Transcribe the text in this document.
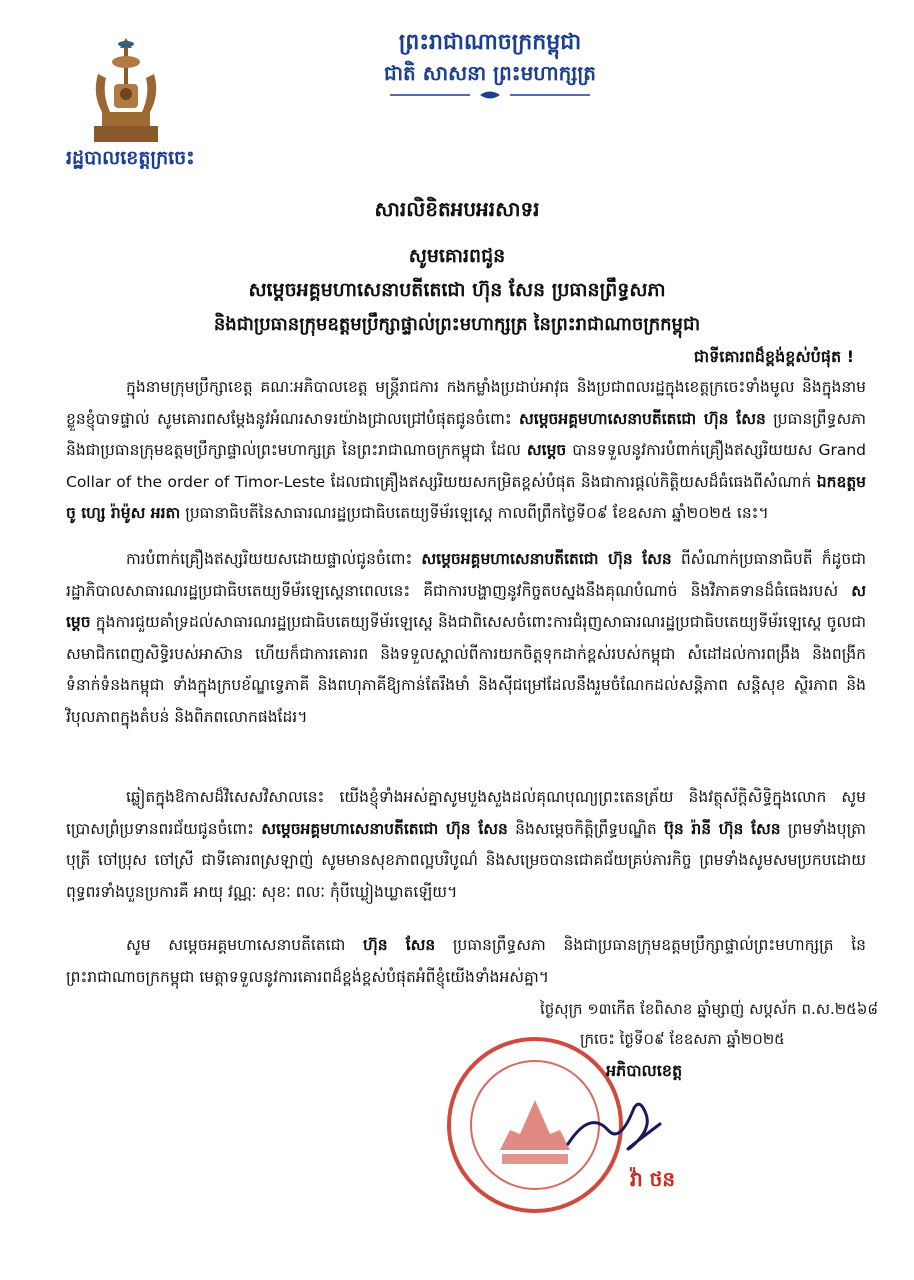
ព្រះរាជាណាចក្រកម្ពុជា
ជាតិ សាសនា ព្រះមហាក្សត្រ
រដ្ឋបាលខេត្តក្រចេះ
សារលិខិតអបអរសាទរ
សូមគោរពជូន
សម្តេចអគ្គមហាសេនាបតីតេជោ ហ៊ុន សែន ប្រធានព្រឹទ្ធសភា
និងជាប្រធានក្រុមឧត្តមប្រឹក្សាផ្ទាល់ព្រះមហាក្សត្រ នៃព្រះរាជាណាចក្រកម្ពុជា
ជាទីគោរពដ៏ខ្ពង់ខ្ពស់បំផុត !

ក្នុងនាមក្រុមប្រឹក្សាខេត្ត គណៈអភិបាលខេត្ត មន្ត្រីរាជការ កងកម្លាំងប្រដាប់អាវុធ និងប្រជាពលរដ្ឋក្នុងខេត្តក្រចេះទាំងមូល និងក្នុងនាមខ្លួនខ្ញុំបាទផ្ទាល់ សូមគោរពសម្តែងនូវអំណរសាទរយ៉ាងជ្រាលជ្រៅបំផុតជូនចំពោះ សម្តេចអគ្គមហាសេនាបតីតេជោ ហ៊ុន សែន ប្រធានព្រឹទ្ធសភា និងជាប្រធានក្រុមឧត្តមប្រឹក្សាផ្ទាល់ព្រះមហាក្សត្រ នៃព្រះរាជាណាចក្រកម្ពុជា ដែល សម្តេច បានទទួលនូវការបំពាក់គ្រឿងឥស្សរិយយស Grand Collar of the order of Timor-Leste ដែលជាគ្រឿងឥស្សរិយយសកម្រិតខ្ពស់បំផុត និងជាការផ្តល់កិត្តិយសដ៏ធំធេងពីសំណាក់ ឯកឧត្តម ចូ ហ្សេ រ៉ាម៉ូស អរតា ប្រធានាធិបតីនៃសាធារណរដ្ឋប្រជាធិបតេយ្យទីម័រឡេស្តេ កាលពីព្រឹកថ្ងៃទី០៩ ខែឧសភា ឆ្នាំ២០២៥ នេះ។

ការបំពាក់គ្រឿងឥស្សរិយយសដោយផ្ទាល់ជូនចំពោះ សម្តេចអគ្គមហាសេនាបតីតេជោ ហ៊ុន សែន ពីសំណាក់ប្រធានាធិបតី ក៏ដូចជារដ្ឋាភិបាលសាធារណរដ្ឋប្រជាធិបតេយ្យទីម័រឡេស្តេនាពេលនេះ គឺជាការបង្ហាញនូវកិច្ចតបស្នងនឹងគុណបំណាច់ និងវិភាគទានដ៏ធំធេងរបស់ សម្តេច ក្នុងការជួយគាំទ្រដល់សាធារណរដ្ឋប្រជាធិបតេយ្យទីម័រឡេស្តេ និងជាពិសេសចំពោះការជំរុញសាធារណរដ្ឋប្រជាធិបតេយ្យទីម័រឡេស្តេ ចូលជាសមាជិកពេញសិទ្ធិរបស់អាស៊ាន ហើយក៏ជាការគោរព និងទទួលស្គាល់ពីការយកចិត្តទុកដាក់ខ្ពស់របស់កម្ពុជា សំដៅដល់ការពង្រឹង និងពង្រីកទំនាក់ទំនងកម្ពុជា ទាំងក្នុងក្របខ័ណ្ឌទ្វេភាគី និងពហុភាគីឱ្យកាន់តែរឹងមាំ និងស៊ីជម្រៅដែលនឹងរួមចំណែកដល់សន្តិភាព សន្តិសុខ ស្ថិរភាព និងវិបុលភាពក្នុងតំបន់ និងពិភពលោកផងដែរ។

ឆ្លៀតក្នុងឱកាសដ៏វិសេសវិសាលនេះ យើងខ្ញុំទាំងអស់គ្នាសូមបួងសួងដល់គុណបុណ្យព្រះតេនត្រ័យ និងវត្ថុស័ក្តិសិទ្ធិក្នុងលោក សូមប្រោសព្រំប្រទានពរជ័យជូនចំពោះ សម្តេចអគ្គមហាសេនាបតីតេជោ ហ៊ុន សែន និងសម្តេចកិត្តិព្រឹទ្ធបណ្ឌិត ប៊ុន រ៉ានី ហ៊ុន សែន ព្រមទាំងបុត្រា បុត្រី ចៅប្រុស ចៅស្រី ជាទីគោរពស្រឡាញ់ សូមមានសុខភាពល្អបរិបូណ៌ និងសម្រេចបានជោគជ័យគ្រប់ភារកិច្ច ព្រមទាំងសូមសមប្រកបដោយពុទ្ធពរទាំងបួនប្រការគឺ អាយុ វណ្ណៈ សុខៈ ពលៈ កុំបីឃ្លៀងឃ្លាតឡើយ។

សូម សម្តេចអគ្គមហាសេនាបតីតេជោ ហ៊ុន សែន ប្រធានព្រឹទ្ធសភា និងជាប្រធានក្រុមឧត្តមប្រឹក្សាផ្ទាល់ព្រះមហាក្សត្រ នៃព្រះរាជាណាចក្រកម្ពុជា មេត្តាទទួលនូវការគោរពដ៏ខ្ពង់ខ្ពស់បំផុតអំពីខ្ញុំយើងទាំងអស់គ្នា។

ថ្ងៃសុក្រ ១៣កើត ខែពិសាខ ឆ្នាំម្សាញ់ សប្តស័ក ព.ស.២៥៦៨
ក្រចេះ ថ្ងៃទី០៩ ខែឧសភា ឆ្នាំ២០២៥
អភិបាលខេត្ត
វ៉ា ថន
